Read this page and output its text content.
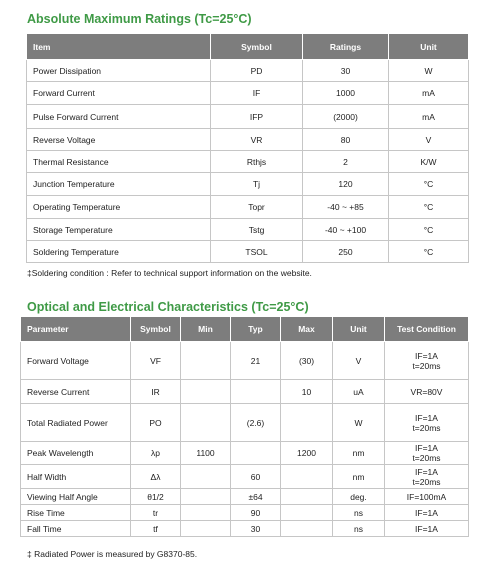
Absolute Maximum Ratings (Tc=25°C)
Item	Symbol	Ratings	Unit
Power Dissipation	PD	30	W
Forward Current	IF	1000	mA
Pulse Forward Current	IFP	(2000)	mA
Reverse Voltage	VR	80	V
Thermal Resistance	Rthjs	2	K/W
Junction Temperature	Tj	120	°C
Operating Temperature	Topr	-40 ~ +85	°C
Storage Temperature	Tstg	-40 ~ +100	°C
Soldering Temperature	TSOL	250	°C
‡Soldering condition : Refer to technical support information on the website.
Optical and Electrical Characteristics (Tc=25°C)
Parameter	Symbol	Min	Typ	Max	Unit	Test Condition
Forward Voltage	VF		21	(30)	V	IF=1A
t=20ms

Reverse Current	IR			10	uA	VR=80V

Total Radiated Power	PO		(2.6)		W	IF=1A
t=20ms

Peak Wavelength	λp	1100		1200	nm	IF=1A
t=20ms

Half Width	Δλ		60		nm	IF=1A
t=20ms

Viewing Half Angle	θ1/2		±64		deg.	IF=100mA

Rise Time	tr		90		ns	IF=1A

Fall Time	tf		30		ns	IF=1A
‡ Radiated Power is measured by G8370-85.
